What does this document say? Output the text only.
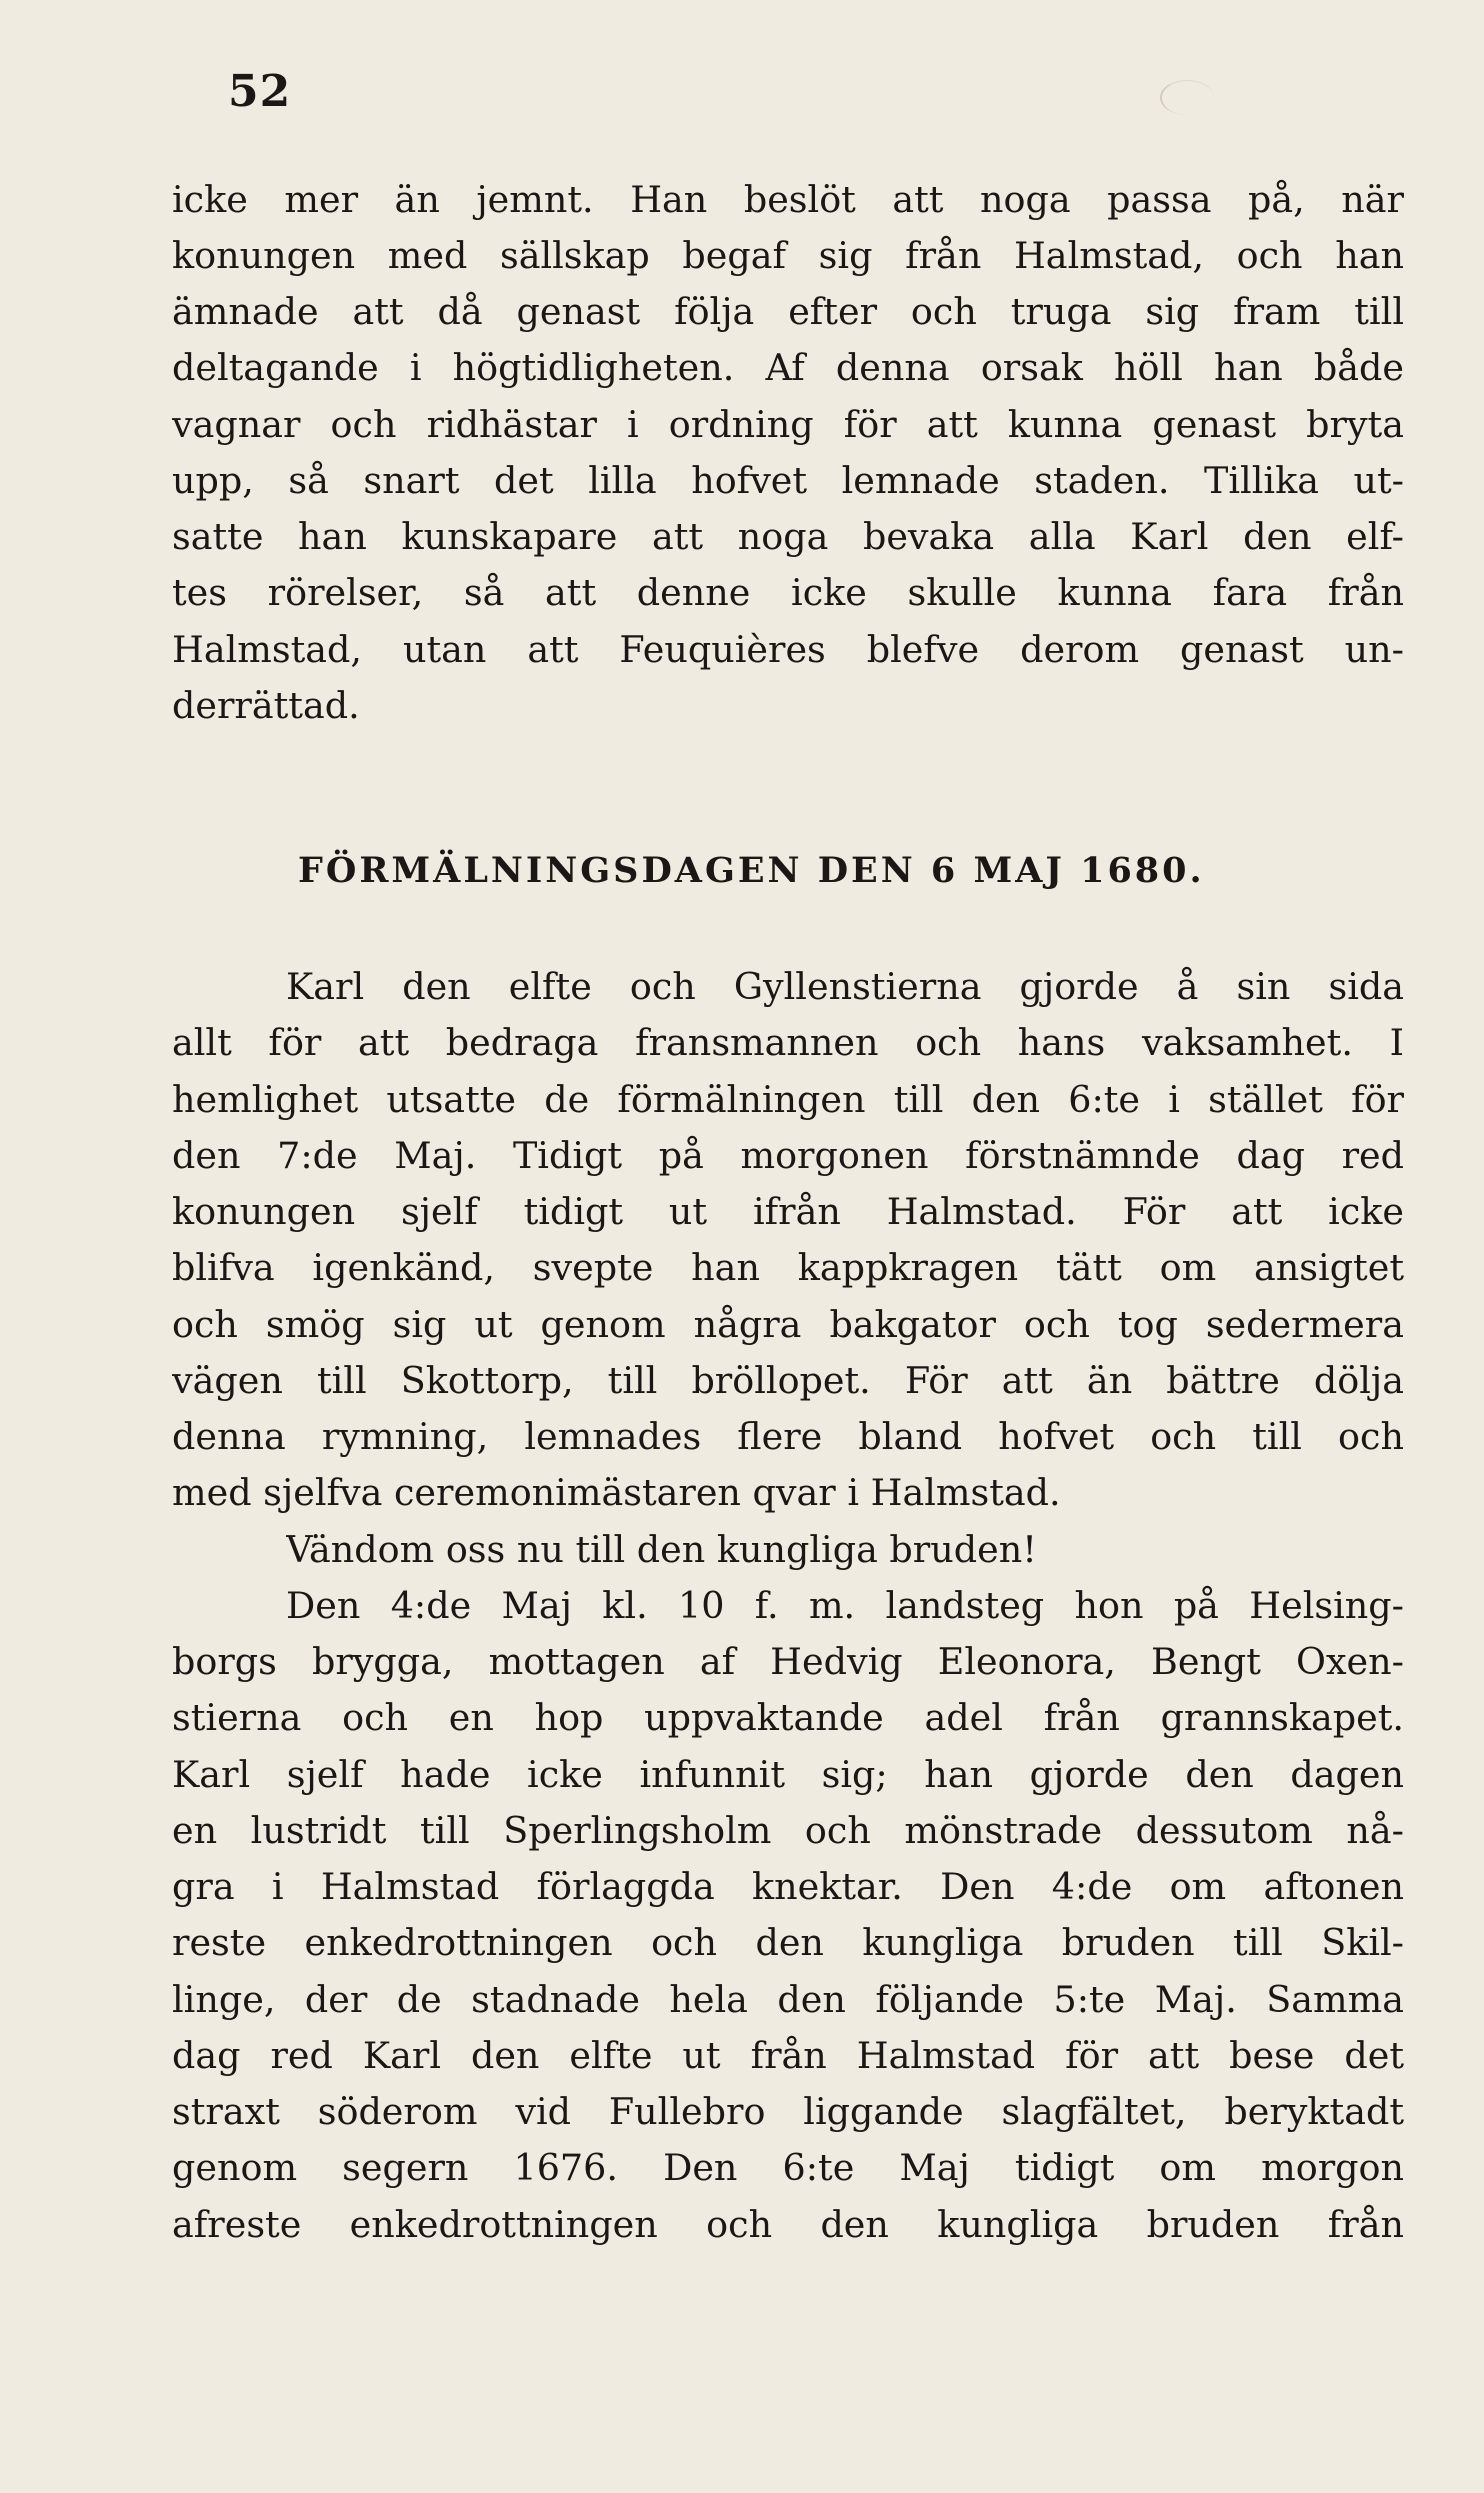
52
icke mer än jemnt. Han beslöt att noga passa på, när
konungen med sällskap begaf sig från Halmstad, och han
ämnade att då genast följa efter och truga sig fram till
deltagande i högtidligheten. Af denna orsak höll han både
vagnar och ridhästar i ordning för att kunna genast bryta
upp, så snart det lilla hofvet lemnade staden. Tillika ut-
satte han kunskapare att noga bevaka alla Karl den elf-
tes rörelser, så att denne icke skulle kunna fara från
Halmstad, utan att Feuquières blefve derom genast un-
derrättad.
FÖRMÄLNINGSDAGEN DEN 6 MAJ 1680.
Karl den elfte och Gyllenstierna gjorde å sin sida
allt för att bedraga fransmannen och hans vaksamhet. I
hemlighet utsatte de förmälningen till den 6:te i stället för
den 7:de Maj. Tidigt på morgonen förstnämnde dag red
konungen sjelf tidigt ut ifrån Halmstad. För att icke
blifva igenkänd, svepte han kappkragen tätt om ansigtet
och smög sig ut genom några bakgator och tog sedermera
vägen till Skottorp, till bröllopet. För att än bättre dölja
denna rymning, lemnades flere bland hofvet och till och
med sjelfva ceremonimästaren qvar i Halmstad.
Vändom oss nu till den kungliga bruden!
Den 4:de Maj kl. 10 f. m. landsteg hon på Helsing-
borgs brygga, mottagen af Hedvig Eleonora, Bengt Oxen-
stierna och en hop uppvaktande adel från grannskapet.
Karl sjelf hade icke infunnit sig; han gjorde den dagen
en lustridt till Sperlingsholm och mönstrade dessutom nå-
gra i Halmstad förlaggda knektar. Den 4:de om aftonen
reste enkedrottningen och den kungliga bruden till Skil-
linge, der de stadnade hela den följande 5:te Maj. Samma
dag red Karl den elfte ut från Halmstad för att bese det
straxt söderom vid Fullebro liggande slagfältet, beryktadt
genom segern 1676. Den 6:te Maj tidigt om morgon
afreste enkedrottningen och den kungliga bruden från
